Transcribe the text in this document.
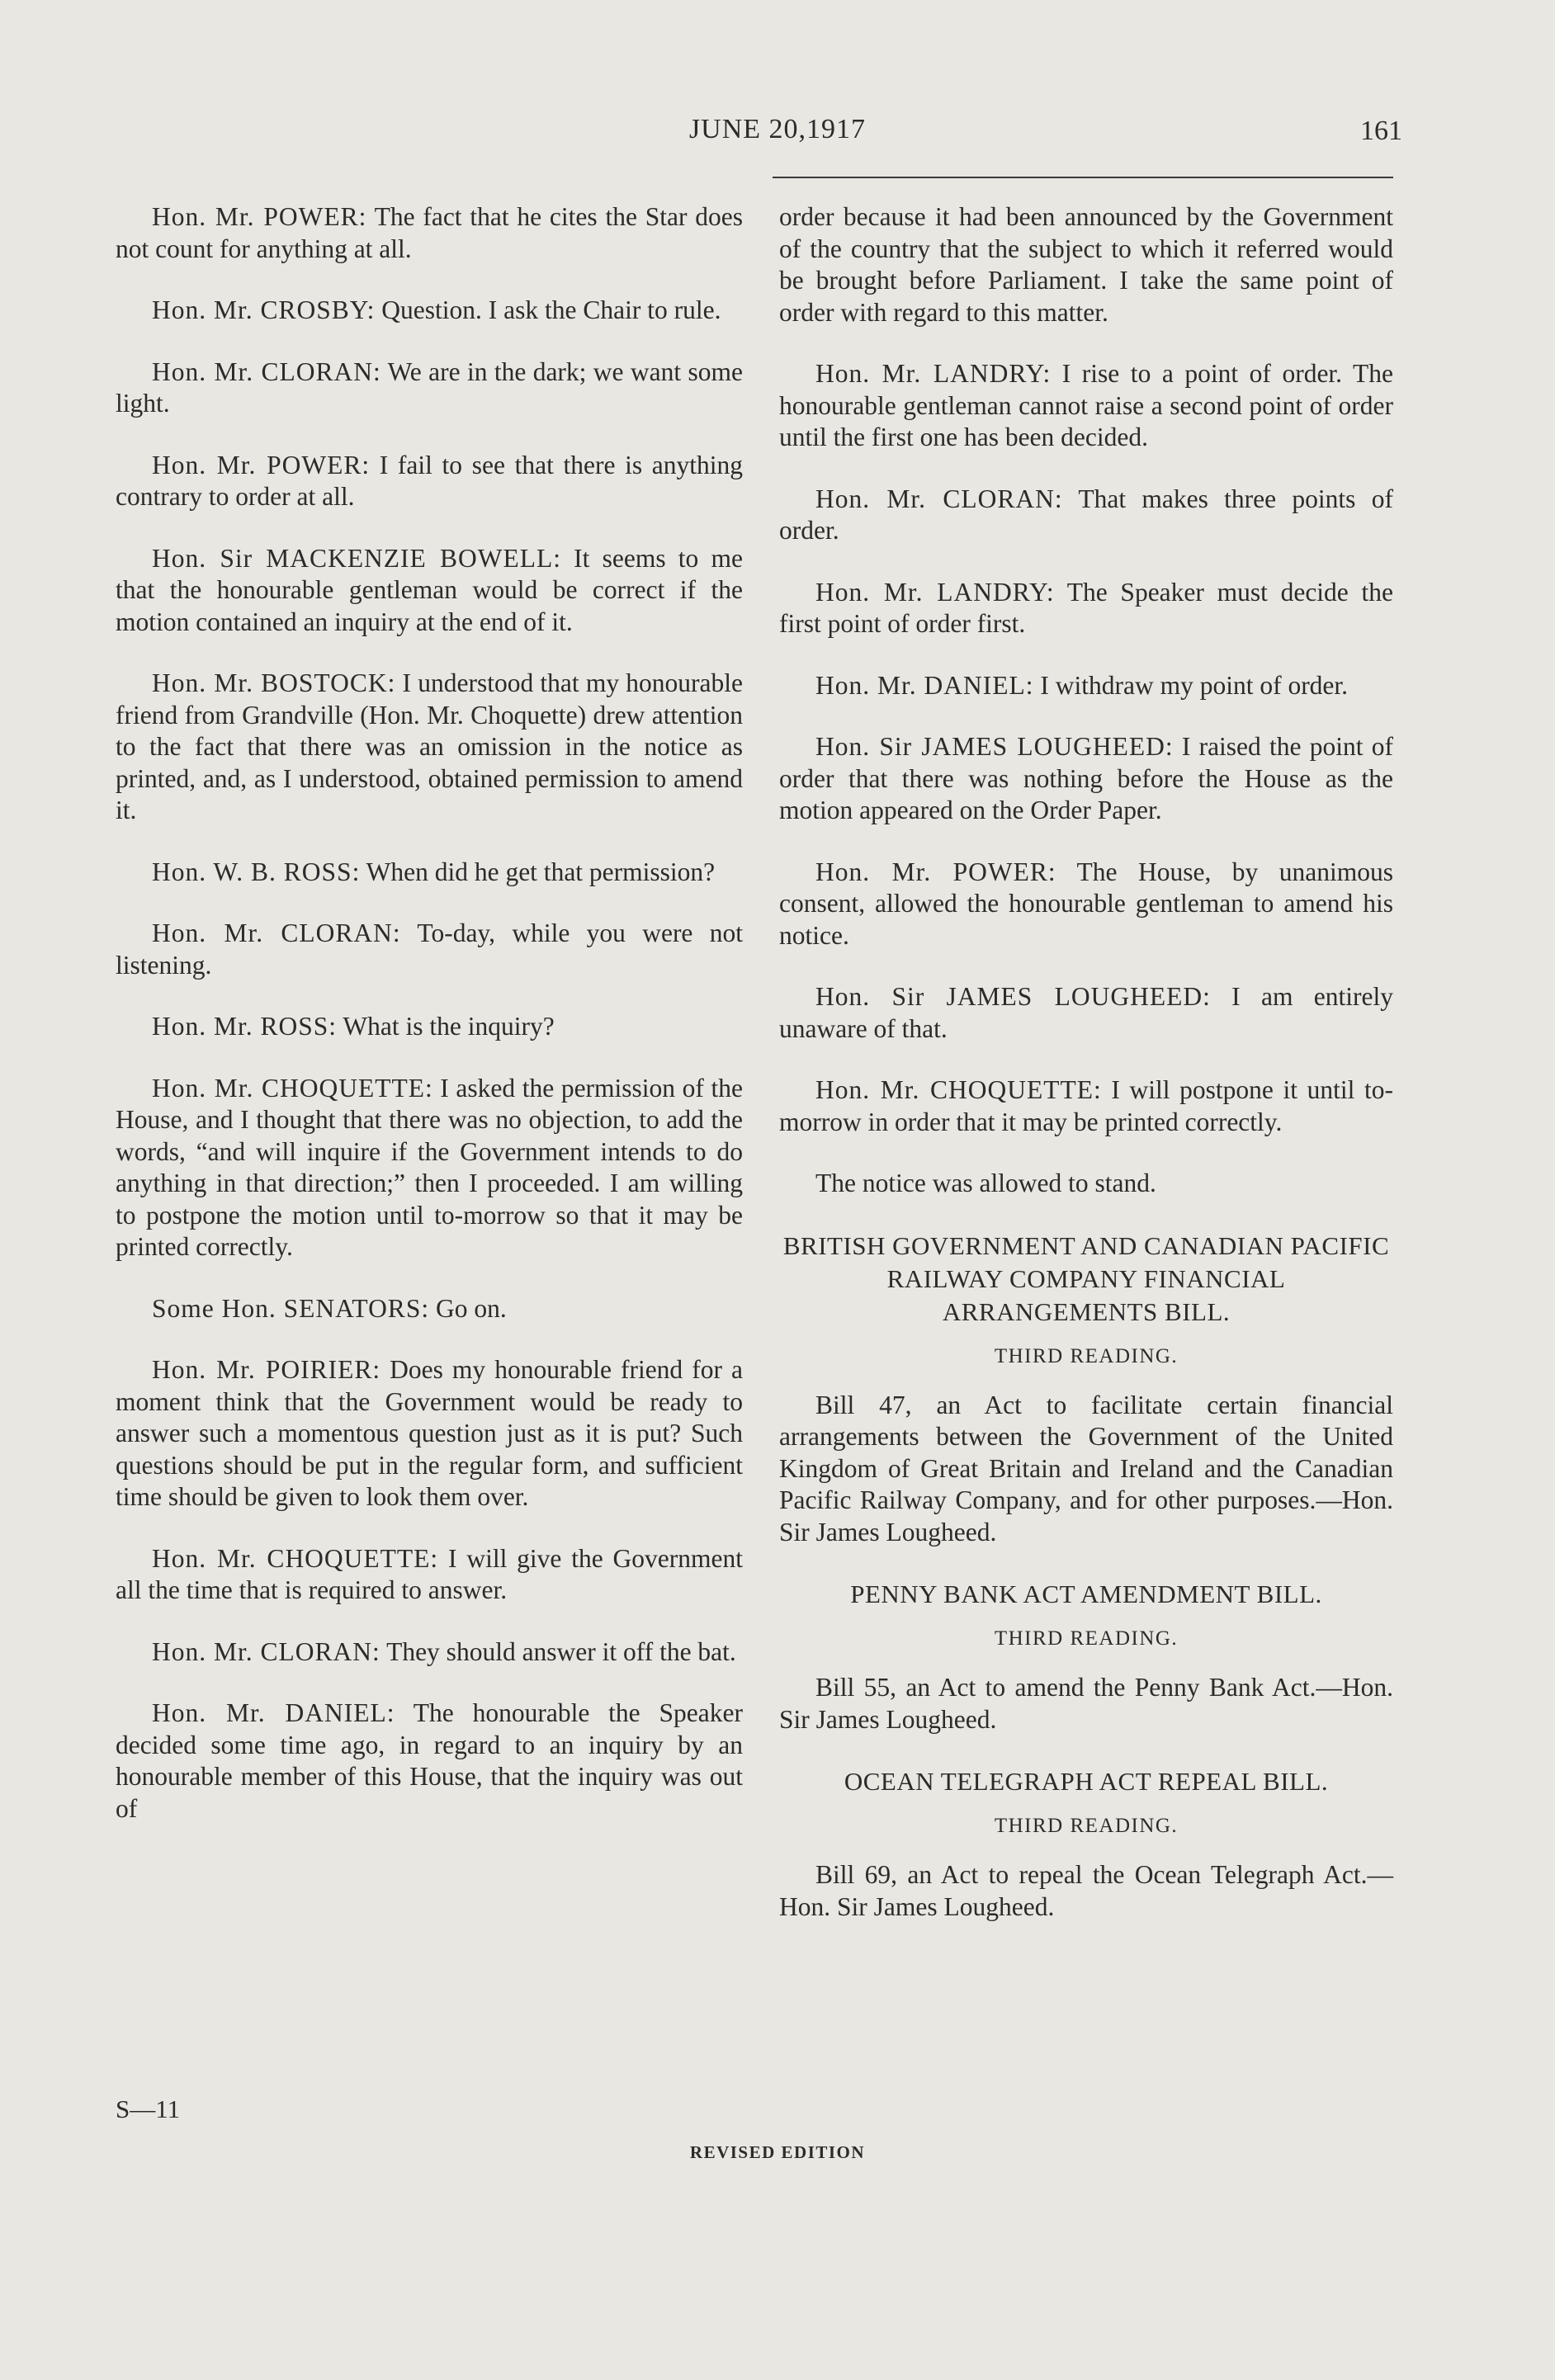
JUNE 20,1917	161

Hon. Mr. POWER: The fact that he cites the Star does not count for anything at all.

Hon. Mr. CROSBY: Question. I ask the Chair to rule.

Hon. Mr. CLORAN: We are in the dark; we want some light.

Hon. Mr. POWER: I fail to see that there is anything contrary to order at all.

Hon. Sir MACKENZIE BOWELL: It seems to me that the honourable gentleman would be correct if the motion contained an inquiry at the end of it.

Hon. Mr. BOSTOCK: I understood that my honourable friend from Grandville (Hon. Mr. Choquette) drew attention to the fact that there was an omission in the notice as printed, and, as I understood, obtained permission to amend it.

Hon. W. B. ROSS: When did he get that permission?

Hon. Mr. CLORAN: To-day, while you were not listening.

Hon. Mr. ROSS: What is the inquiry?

Hon. Mr. CHOQUETTE: I asked the permission of the House, and I thought that there was no objection, to add the words, “and will inquire if the Government intends to do anything in that direction;” then I proceeded. I am willing to postpone the motion until to-morrow so that it may be printed correctly.

Some Hon. SENATORS: Go on.

Hon. Mr. POIRIER: Does my honourable friend for a moment think that the Government would be ready to answer such a momentous question just as it is put? Such questions should be put in the regular form, and sufficient time should be given to look them over.

Hon. Mr. CHOQUETTE: I will give the Government all the time that is required to answer.

Hon. Mr. CLORAN: They should answer it off the bat.

Hon. Mr. DANIEL: The honourable the Speaker decided some time ago, in regard to an inquiry by an honourable member of this House, that the inquiry was out of

order because it had been announced by the Government of the country that the subject to which it referred would be brought before Parliament. I take the same point of order with regard to this matter.

Hon. Mr. LANDRY: I rise to a point of order. The honourable gentleman cannot raise a second point of order until the first one has been decided.

Hon. Mr. CLORAN: That makes three points of order.

Hon. Mr. LANDRY: The Speaker must decide the first point of order first.

Hon. Mr. DANIEL: I withdraw my point of order.

Hon. Sir JAMES LOUGHEED: I raised the point of order that there was nothing before the House as the motion appeared on the Order Paper.

Hon. Mr. POWER: The House, by unanimous consent, allowed the honourable gentleman to amend his notice.

Hon. Sir JAMES LOUGHEED: I am entirely unaware of that.

Hon. Mr. CHOQUETTE: I will postpone it until to-morrow in order that it may be printed correctly.

The notice was allowed to stand.

BRITISH GOVERNMENT AND CANADIAN PACIFIC RAILWAY COMPANY FINANCIAL ARRANGEMENTS BILL.
THIRD READING.

Bill 47, an Act to facilitate certain financial arrangements between the Government of the United Kingdom of Great Britain and Ireland and the Canadian Pacific Railway Company, and for other purposes.—Hon. Sir James Lougheed.

PENNY BANK ACT AMENDMENT BILL.
THIRD READING.

Bill 55, an Act to amend the Penny Bank Act.—Hon. Sir James Lougheed.

OCEAN TELEGRAPH ACT REPEAL BILL.
THIRD READING.

Bill 69, an Act to repeal the Ocean Telegraph Act.—Hon. Sir James Lougheed.

S—11
REVISED EDITION
